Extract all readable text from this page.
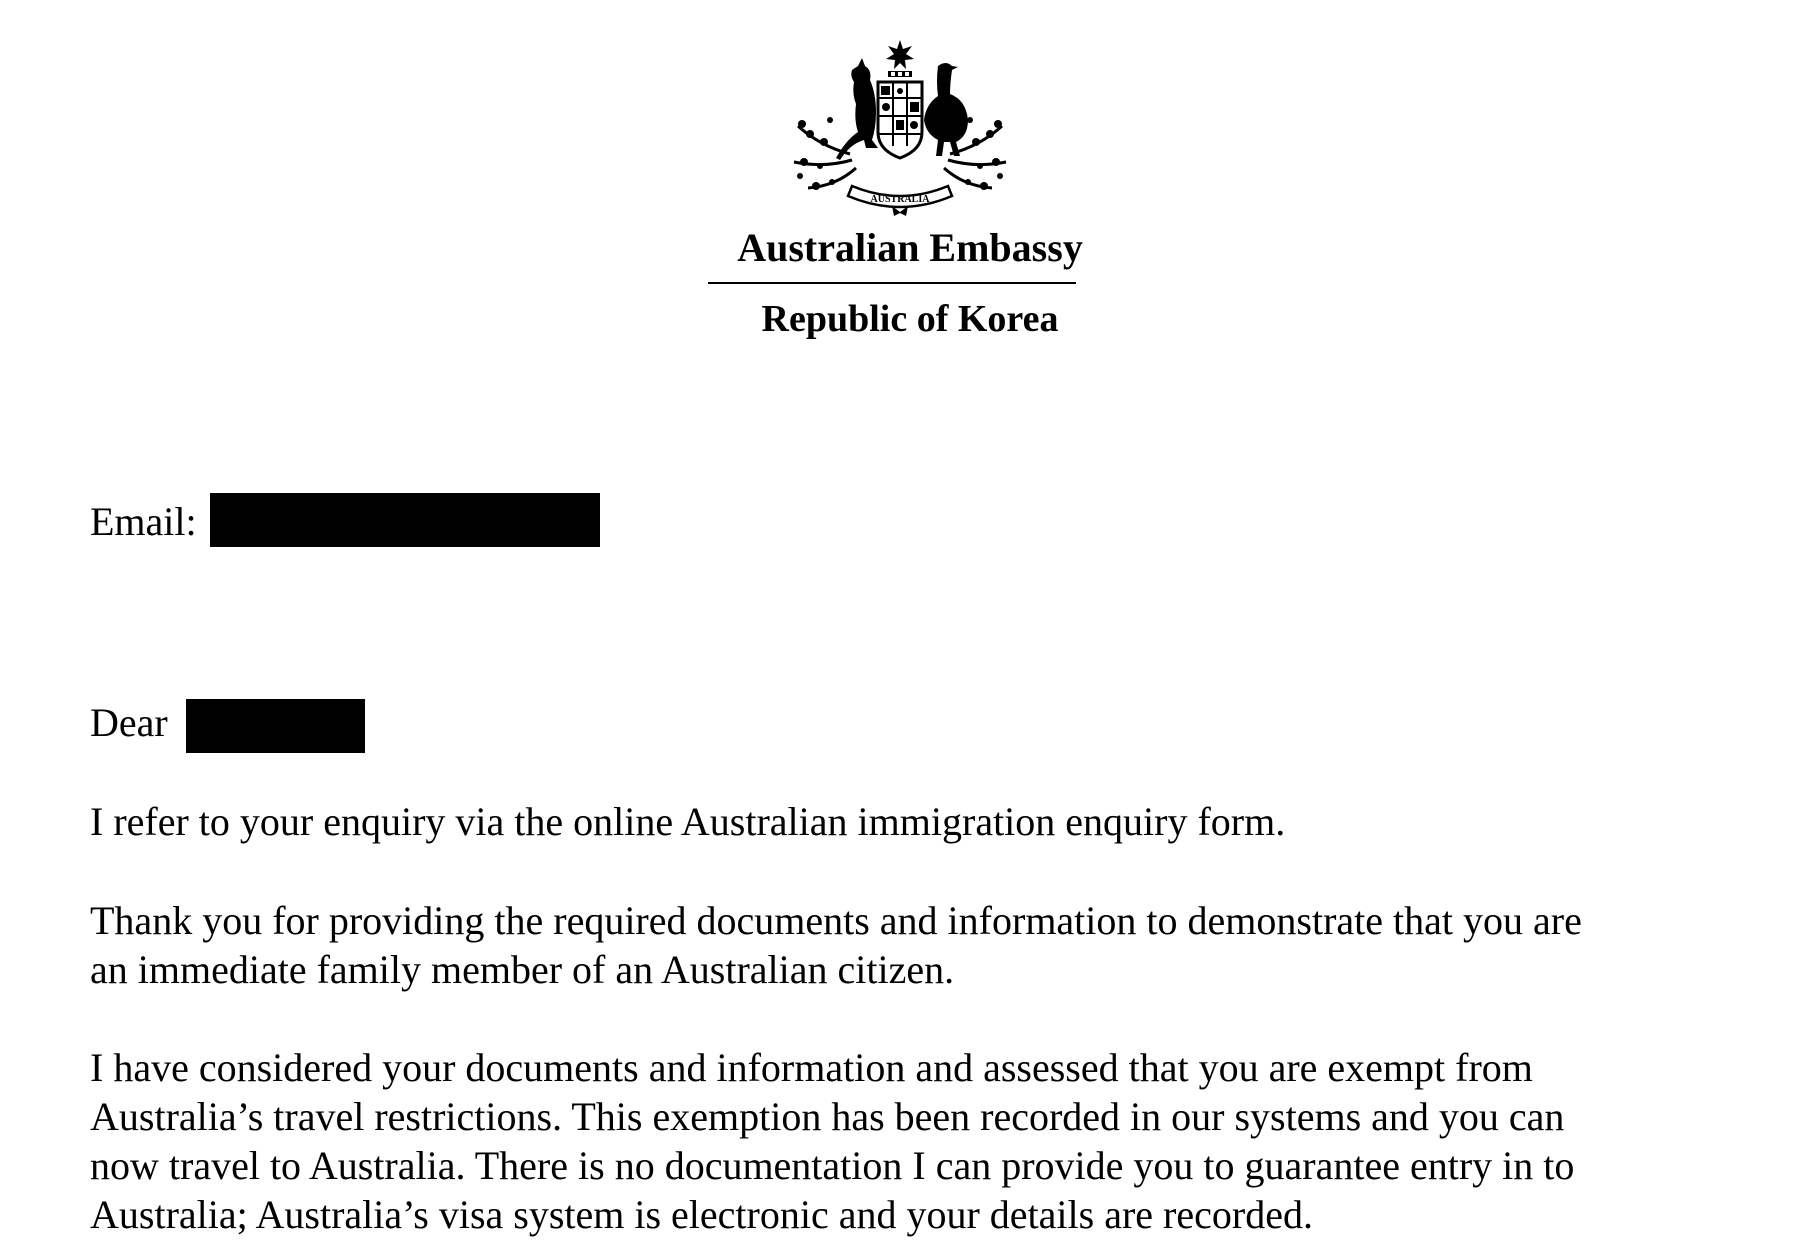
AUSTRALIA
Australian Embassy
Republic of Korea
Email:
Dear
I refer to your enquiry via the online Australian immigration enquiry form.
Thank you for providing the required documents and information to demonstrate that you are
an immediate family member of an Australian citizen.
I have considered your documents and information and assessed that you are exempt from
Australia’s travel restrictions. This exemption has been recorded in our systems and you can
now travel to Australia. There is no documentation I can provide you to guarantee entry in to
Australia; Australia’s visa system is electronic and your details are recorded.
